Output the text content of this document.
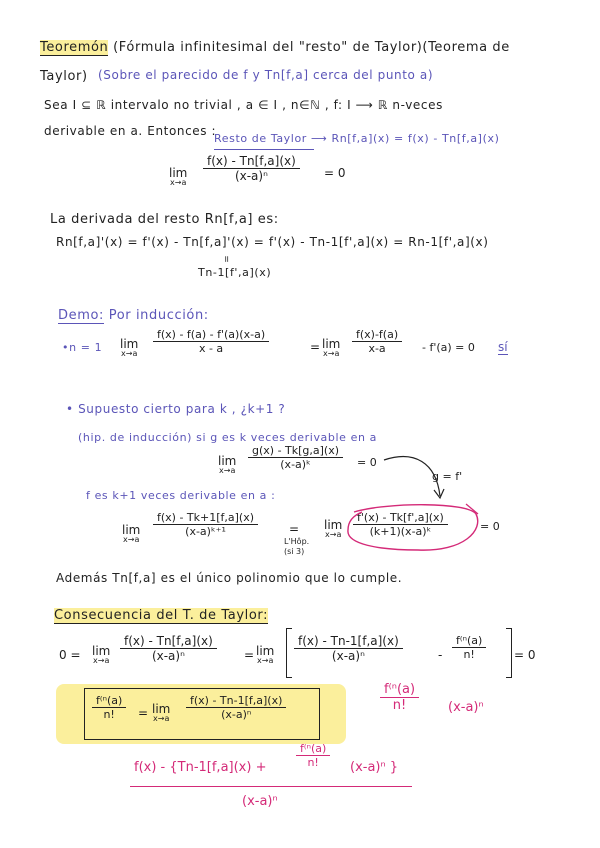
Teoremón (Fórmula infinitesimal del "resto" de Taylor)(Teorema de
Taylor) (Sobre el parecido de f y Tn[f,a] cerca del punto a)
Sea I ⊆ ℝ intervalo no trivial , a ∈ I , n∈ℕ , f: I ⟶ ℝ n-veces
derivable en a. Entonces :
Resto de Taylor ⟶ Rn[f,a](x) = f(x) - Tn[f,a](x)
lim
x→a
f(x) - Tn[f,a](x)
(x-a)ⁿ	= 0
La derivada del resto Rn[f,a] es:
Rn[f,a]'(x) = f'(x) - Tn[f,a]'(x) = f'(x) - Tn-1[f',a](x) = Rn-1[f',a](x)
=
Tn-1[f',a](x)
Demo: Por inducción:
•n = 1 lim
x→a
f(x) - f(a) - f'(a)(x-a)
x - a	= lim
x→a
f(x)-f(a)
x-a	- f'(a) = 0 sí
• Supuesto cierto para k , ¿k+1 ?
(hip. de inducción) si g es k veces derivable en a
lim
x→a
g(x) - Tk[g,a](x)
(x-a)ᵏ	= 0
g = f'
f es k+1 veces derivable en a :
lim
x→a
f(x) - Tk+1[f,a](x)
(x-a)ᵏ⁺¹	=
L'Hôp.
(si 3)
lim
x→a
f'(x) - Tk[f',a](x)
(k+1)(x-a)ᵏ	= 0
Además Tn[f,a] es el único polinomio que lo cumple.
Consecuencia del T. de Taylor:
0 = lim
x→a
f(x) - Tn[f,a](x)
(x-a)ⁿ	= lim
x→a
f(x) - Tn-1[f,a](x)
(x-a)ⁿ	-
f⁽ⁿ(a)
n!	= 0
f⁽ⁿ(a)
n!	= lim
x→a
f(x) - Tn-1[f,a](x)
(x-a)ⁿ
f⁽ⁿ(a)
n!	(x-a)ⁿ
f(x) - {Tn-1[f,a](x) +
f⁽ⁿ(a)
n!	(x-a)ⁿ }
(x-a)ⁿ
